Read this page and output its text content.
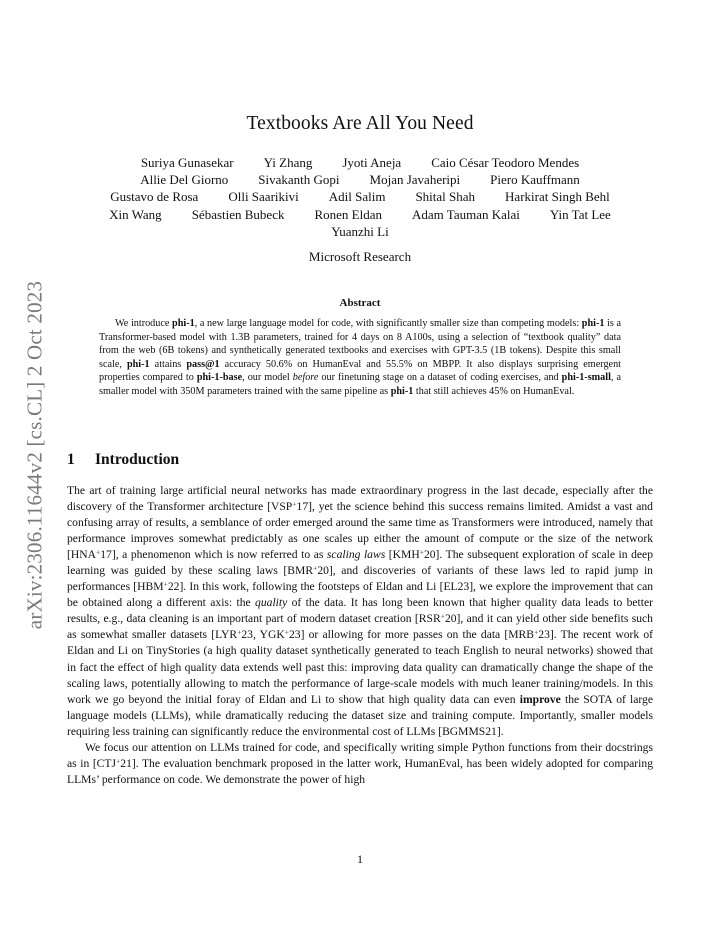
arXiv:2306.11644v2 [cs.CL] 2 Oct 2023
Textbooks Are All You Need
Suriya Gunasekar Yi Zhang Jyoti Aneja Caio César Teodoro Mendes
Allie Del Giorno Sivakanth Gopi Mojan Javaheripi Piero Kauffmann
Gustavo de Rosa Olli Saarikivi Adil Salim Shital Shah Harkirat Singh Behl
Xin Wang Sébastien Bubeck Ronen Eldan Adam Tauman Kalai Yin Tat Lee
Yuanzhi Li
Microsoft Research
Abstract
We introduce phi-1, a new large language model for code, with significantly smaller size than competing models: phi-1 is a Transformer-based model with 1.3B parameters, trained for 4 days on 8 A100s, using a selection of “textbook quality” data from the web (6B tokens) and synthetically generated textbooks and exercises with GPT-3.5 (1B tokens). Despite this small scale, phi-1 attains pass@1 accuracy 50.6% on HumanEval and 55.5% on MBPP. It also displays surprising emergent properties compared to phi-1-base, our model before our finetuning stage on a dataset of coding exercises, and phi-1-small, a smaller model with 350M parameters trained with the same pipeline as phi-1 that still achieves 45% on HumanEval.
1 Introduction

The art of training large artificial neural networks has made extraordinary progress in the last decade, especially after the discovery of the Transformer architecture [VSP+17], yet the science behind this success remains limited. Amidst a vast and confusing array of results, a semblance of order emerged around the same time as Transformers were introduced, namely that performance improves somewhat predictably as one scales up either the amount of compute or the size of the network [HNA+17], a phenomenon which is now referred to as scaling laws [KMH+20]. The subsequent exploration of scale in deep learning was guided by these scaling laws [BMR+20], and discoveries of variants of these laws led to rapid jump in performances [HBM+22]. In this work, following the footsteps of Eldan and Li [EL23], we explore the improvement that can be obtained along a different axis: the quality of the data. It has long been known that higher quality data leads to better results, e.g., data cleaning is an important part of modern dataset creation [RSR+20], and it can yield other side benefits such as somewhat smaller datasets [LYR+23, YGK+23] or allowing for more passes on the data [MRB+23]. The recent work of Eldan and Li on TinyStories (a high quality dataset synthetically generated to teach English to neural networks) showed that in fact the effect of high quality data extends well past this: improving data quality can dramatically change the shape of the scaling laws, potentially allowing to match the performance of large-scale models with much leaner training/models. In this work we go beyond the initial foray of Eldan and Li to show that high quality data can even improve the SOTA of large language models (LLMs), while dramatically reducing the dataset size and training compute. Importantly, smaller models requiring less training can significantly reduce the environmental cost of LLMs [BGMMS21].

We focus our attention on LLMs trained for code, and specifically writing simple Python functions from their docstrings as in [CTJ+21]. The evaluation benchmark proposed in the latter work, HumanEval, has been widely adopted for comparing LLMs’ performance on code. We demonstrate the power of high

1
